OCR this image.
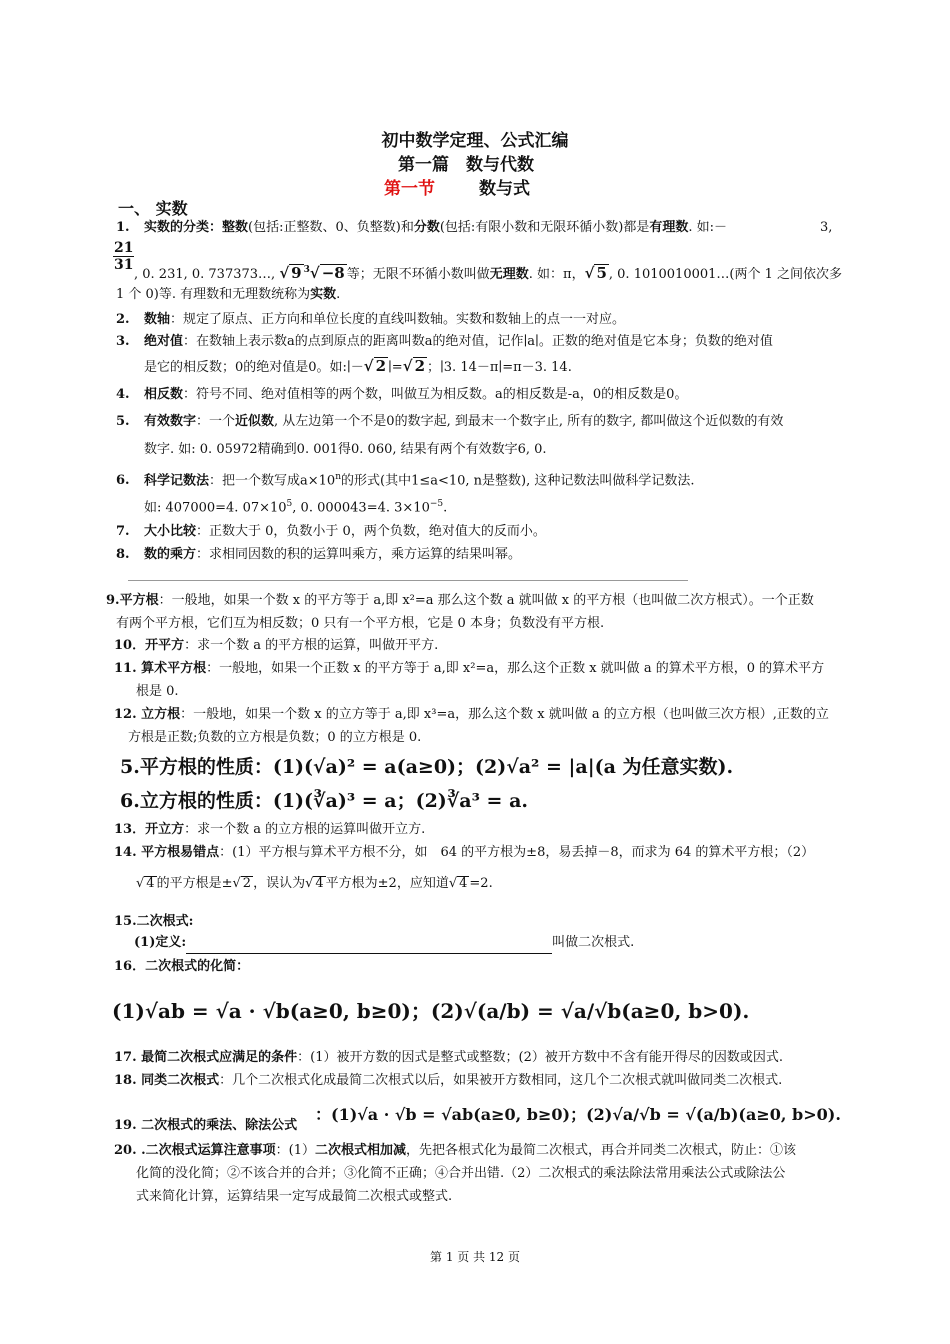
初中数学定理、公式汇编
第一篇　数与代数
第一节	数与式
一、 实数
1. 实数的分类：整数(包括:正整数、0、负整数)和分数(包括:有限小数和无限环循小数)都是有理数. 如:－	3,
$\frac{21}{31}$
, 0. 231, 0. 737373…, √ 9 $^3$√ −8 等；无限不环循小数叫做无理数. 如：π，√ 5 , 0. 1010010001…(两个 1 之间依次多
1 个 0)等. 有理数和无理数统称为实数.
2. 数轴：规定了原点、正方向和单位长度的直线叫数轴。实数和数轴上的点一一对应。
3. 绝对值：在数轴上表示数a的点到原点的距离叫数a的绝对值，记作∣a∣。正数的绝对值是它本身；负数的绝对值
是它的相反数；0的绝对值是0。如:∣－√ 2 ∣=√ 2 ；∣3. 14－π∣=π－3. 14.
4. 相反数：符号不同、绝对值相等的两个数，叫做互为相反数。a的相反数是-a，0的相反数是0。
5. 有效数字：一个近似数, 从左边第一个不是0的数字起, 到最末一个数字止, 所有的数字, 都叫做这个近似数的有效
数字. 如: 0. 05972精确到0. 001得0. 060, 结果有两个有效数字6, 0.
6. 科学记数法：把一个数写成$a\times 10^n$的形式(其中1≤a<10, n是整数), 这种记数法叫做科学记数法.
如: 407000=4. $07\times 10^5$, 0. 000043=4. $3\times 10^{-5}$.
7. 大小比较：正数大于 0，负数小于 0，两个负数，绝对值大的反而小。
8. 数的乘方：求相同因数的积的运算叫乘方，乘方运算的结果叫幂。
9.平方根：一般地，如果一个数 x 的平方等于 a,即 x²=a 那么这个数 a 就叫做 x 的平方根（也叫做二次方根式）。一个正数
有两个平方根，它们互为相反数；0 只有一个平方根，它是 0 本身；负数没有平方根.
10．开平方：求一个数 a 的平方根的运算，叫做开平方.
11. 算术平方根：一般地，如果一个正数 x 的平方等于 a,即 x²=a，那么这个正数 x 就叫做 a 的算术平方根，0 的算术平方
根是 0.
12. 立方根：一般地，如果一个数 x 的立方等于 a,即 x³=a，那么这个数 x 就叫做 a 的立方根（也叫做三次方根）,正数的立
方根是正数;负数的立方根是负数；0 的立方根是 0.
5.平方根的性质：(1)(√a)² = a(a≥0)；(2)√a² = |a|(a 为任意实数).
6.立方根的性质：(1)(∛a)³ = a；(2)∛a³ = a.
13．开立方：求一个数 a 的立方根的运算叫做开立方.
14. 平方根易错点：(1）平方根与算术平方根不分，如　64 的平方根为±8，易丢掉－8，而求为 64 的算术平方根；（2）
√ 4 的平方根是±√ 2 ，误认为√ 4 平方根为±2，应知道√ 4 =2.
15.二次根式:
(1)定义:　	叫做二次根式.
16．二次根式的化简：
(1)√ab = √a · √b(a≥0, b≥0)；(2)√(a/b) = √a/√b(a≥0, b>0).
17. 最简二次根式应满足的条件：(1）被开方数的因式是整式或整数；(2）被开方数中不含有能开得尽的因数或因式.
18. 同类二次根式：几个二次根式化成最简二次根式以后，如果被开方数相同，这几个二次根式就叫做同类二次根式.
19. 二次根式的乘法、除法公式
：(1)√a · √b = √ab(a≥0, b≥0)；(2)√a/√b = √(a/b)(a≥0, b>0).
20. .二次根式运算注意事项：(1）二次根式相加减，先把各根式化为最简二次根式，再合并同类二次根式，防止：①该
化简的没化简；②不该合并的合并；③化简不正确；④合并出错.（2）二次根式的乘法除法常用乘法公式或除法公
式来简化计算，运算结果一定写成最简二次根式或整式.
第 1 页 共 12 页
